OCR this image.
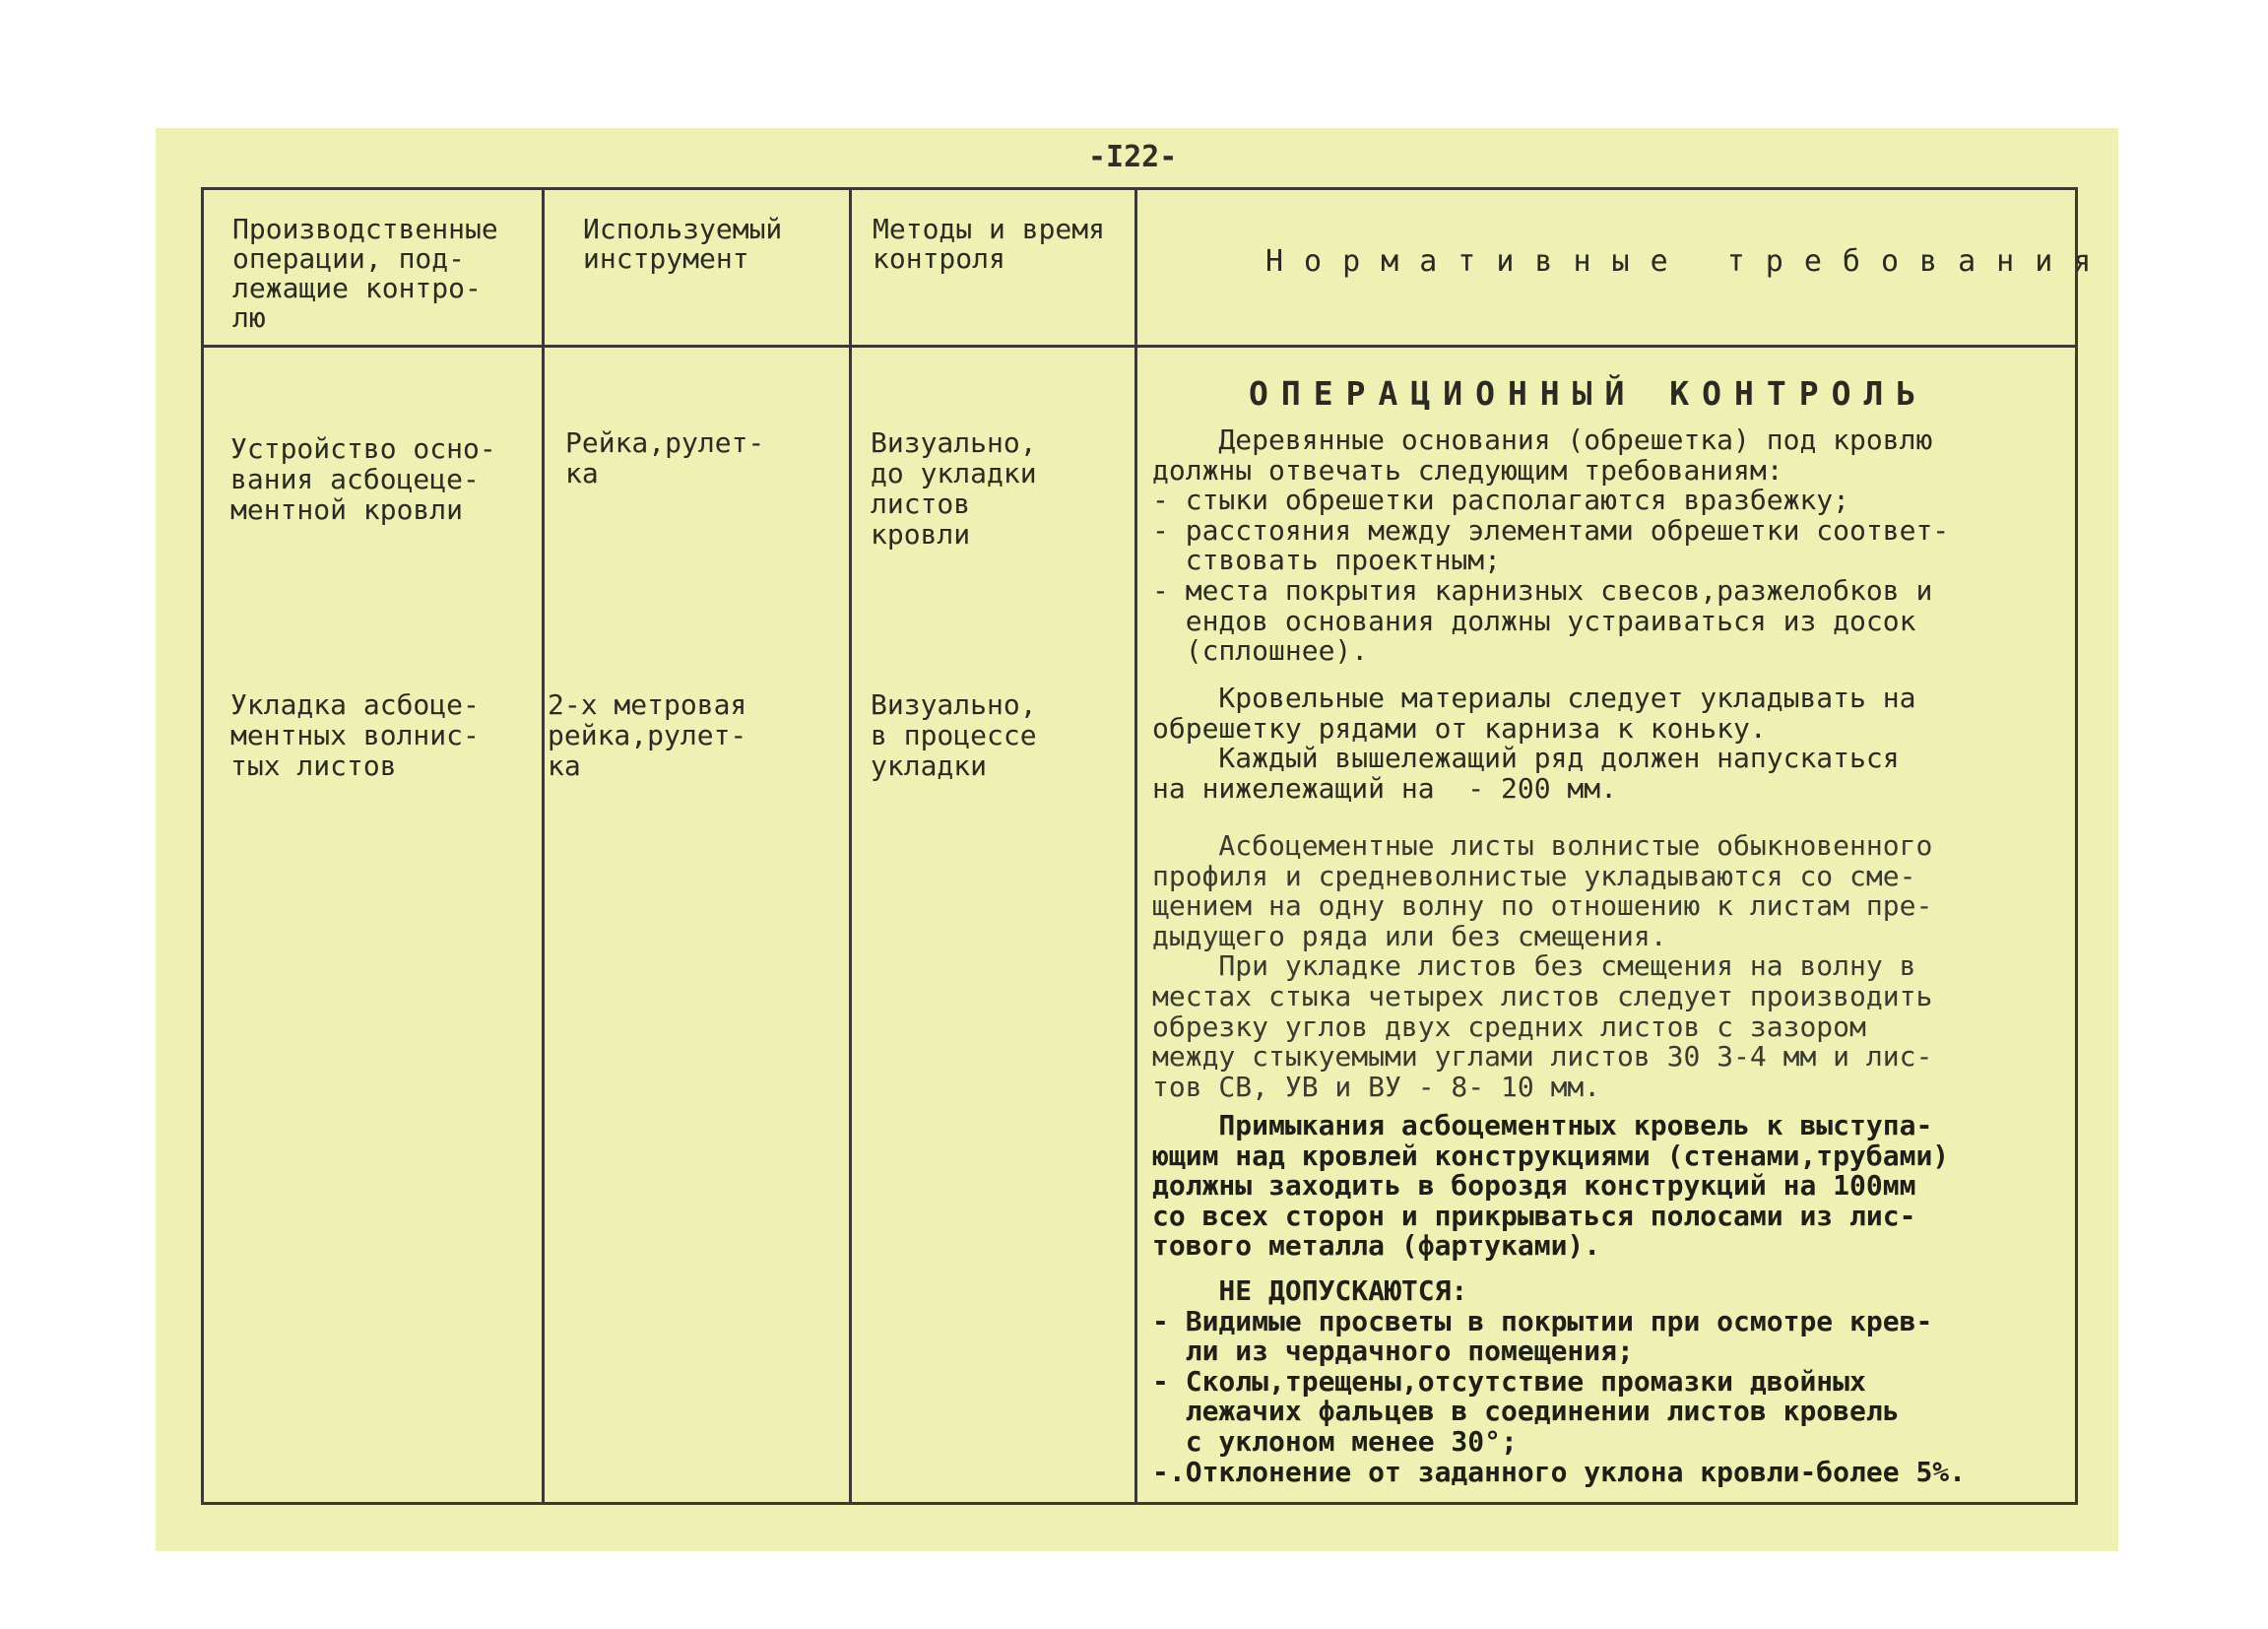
-I22-
Производственные
операции, под-
лежащие контро-
лю
Используемый
инструмент
Методы и время
контроля	Нормативные требования
ОПЕРАЦИОННЫЙ КОНТРОЛЬ
Устройство осно-
вания асбоцеце-
ментной кровли
Рейка,рулет-
ка
Визуально,
до укладки
листов
кровли
Укладка асбоце-
ментных волнис-
тых листов
2-х метровая
рейка,рулет-
ка
Визуально,
в процессе
укладки
Деревянные основания (обрешетка) под кровлю
должны отвечать следующим требованиям:
- стыки обрешетки располагаются вразбежку;
- расстояния между элементами обрешетки соответ-
ствовать проектным;
- места покрытия карнизных свесов,разжелобков и
ендов основания должны устраиваться из досок
(сплошнее).
Кровельные материалы следует укладывать на
обрешетку рядами от карниза к коньку.
Каждый вышележащий ряд должен напускаться
на нижележащий на  - 200 мм.
Асбоцементные листы волнистые обыкновенного
профиля и средневолнистые укладываются со сме-
щением на одну волну по отношению к листам пре-
дыдущего ряда или без смещения.
При укладке листов без смещения на волну в
местах стыка четырех листов следует производить
обрезку углов двух средних листов с зазором
между стыкуемыми углами листов 30 3-4 мм и лис-
тов СВ, УВ и ВУ - 8- 10 мм.
Примыкания асбоцементных кровель к выступа-
ющим над кровлей конструкциями (стенами,трубами)
должны заходить в бороздя конструкций на 100мм
со всех сторон и прикрываться полосами из лис-
тового металла (фартуками).
НЕ ДОПУСКАЮТСЯ:
- Видимые просветы в покрытии при осмотре крев-
ли из чердачного помещения;
- Сколы,трещены,отсутствие промазки двойных
лежачих фальцев в соединении листов кровель
с уклоном менее 30°;
-.Отклонение от заданного уклона кровли-более 5%.
